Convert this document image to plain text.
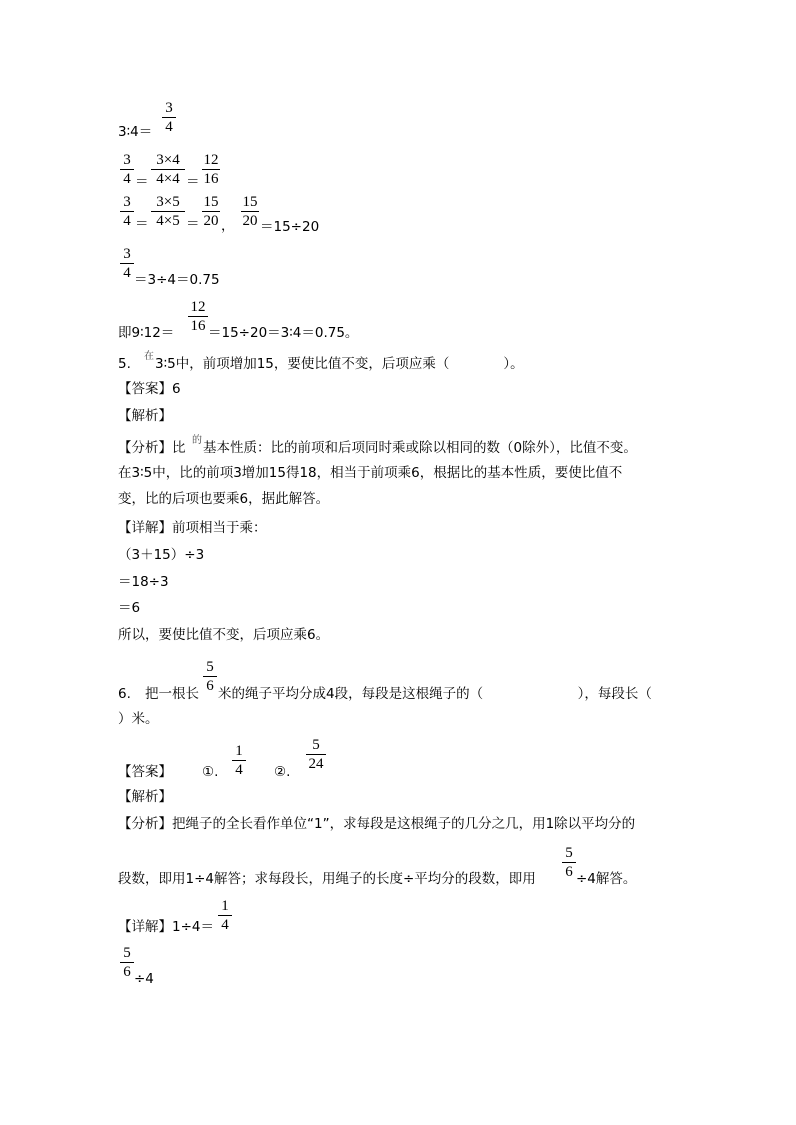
3
4
3∶4＝
3
4 ＝
3×4
4×4 ＝
12
16
3
4 ＝
3×5
4×5 ＝
15
20 ，
15
20 ＝15÷20
3
4 ＝3÷4＝0.75
即9∶12＝
12
16 ＝15÷20＝3∶4＝0.75。
5. 在 3∶5中，前项增加15，要使比值不变，后项应乘（　　　　）。
【答案】6
【解析】
【分析】比 的 基本性质：比的前项和后项同时乘或除以相同的数（0除外），比值不变。
在3∶5中，比的前项3增加15得18，相当于前项乘6，根据比的基本性质，要使比值不
变，比的后项也要乘6，据此解答。
【详解】前项相当于乘：
（3＋15）÷3
＝18÷3
＝6
所以，要使比值不变，后项应乘6。
6. 把一根长
5
6 米的绳子平均分成4段，每段是这根绳子的（　　　　　　　），每段长（
）米。
【答案】 ①.
1
4 ②.
5
24
【解析】
【分析】把绳子的全长看作单位“1”，求每段是这根绳子的几分之几，用1除以平均分的
段数，即用1÷4解答；求每段长，用绳子的长度÷平均分的段数，即用
5
6 ÷4解答。
【详解】1÷4＝
1
4
5
6 ÷4
